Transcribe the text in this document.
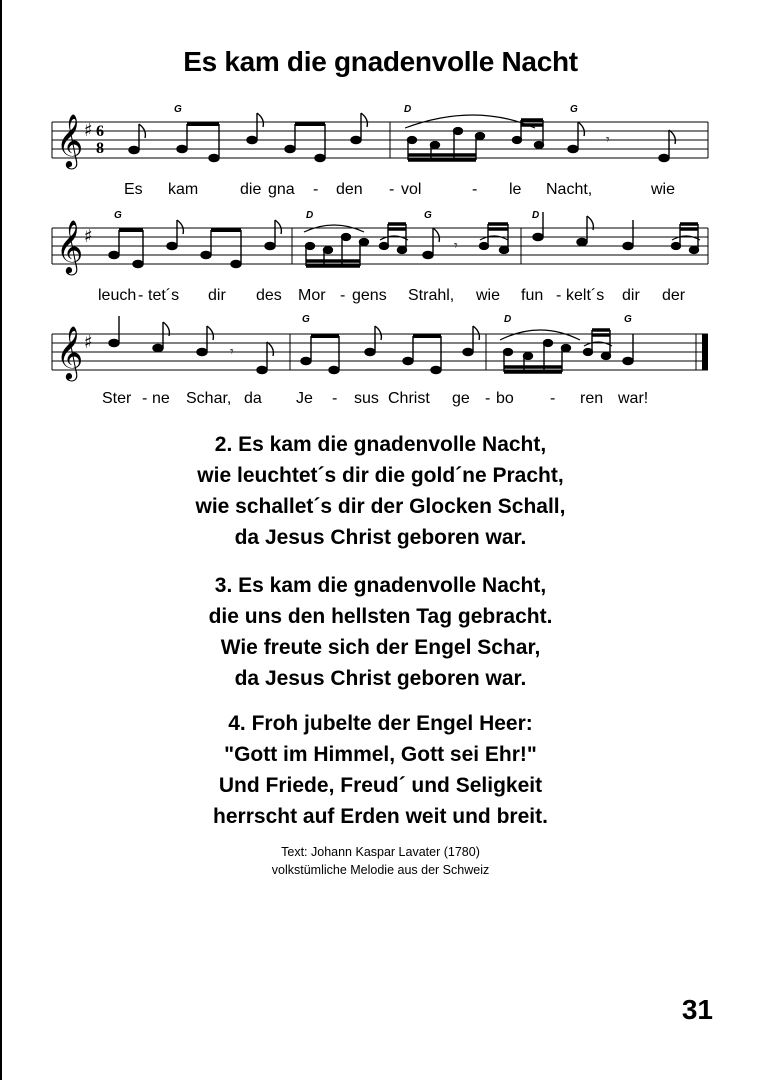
Es kam die gnadenvolle Nacht
𝄞 ♯ 6
8
𝄾
G	D	G
Es kam	die gna - den - vol	- le Nacht,	wie
𝄞 ♯	𝄾
G	D	G	D
leuch - tet´s dir des Mor - gens Strahl, wie fun - kelt´s dir der
𝄞 ♯	𝄾
G	D	G
Ster - ne Schar, da Je - sus Christ ge - bo - ren war!
2. Es kam die gnadenvolle Nacht,
wie leuchtet´s dir die gold´ne Pracht,
wie schallet´s dir der Glocken Schall,
da Jesus Christ geboren war.
3. Es kam die gnadenvolle Nacht,
die uns den hellsten Tag gebracht.
Wie freute sich der Engel Schar,
da Jesus Christ geboren war.
4. Froh jubelte der Engel Heer:
"Gott im Himmel, Gott sei Ehr!"
Und Friede, Freud´ und Seligkeit
herrscht auf Erden weit und breit.
Text: Johann Kaspar Lavater (1780)
volkstümliche Melodie aus der Schweiz
31
